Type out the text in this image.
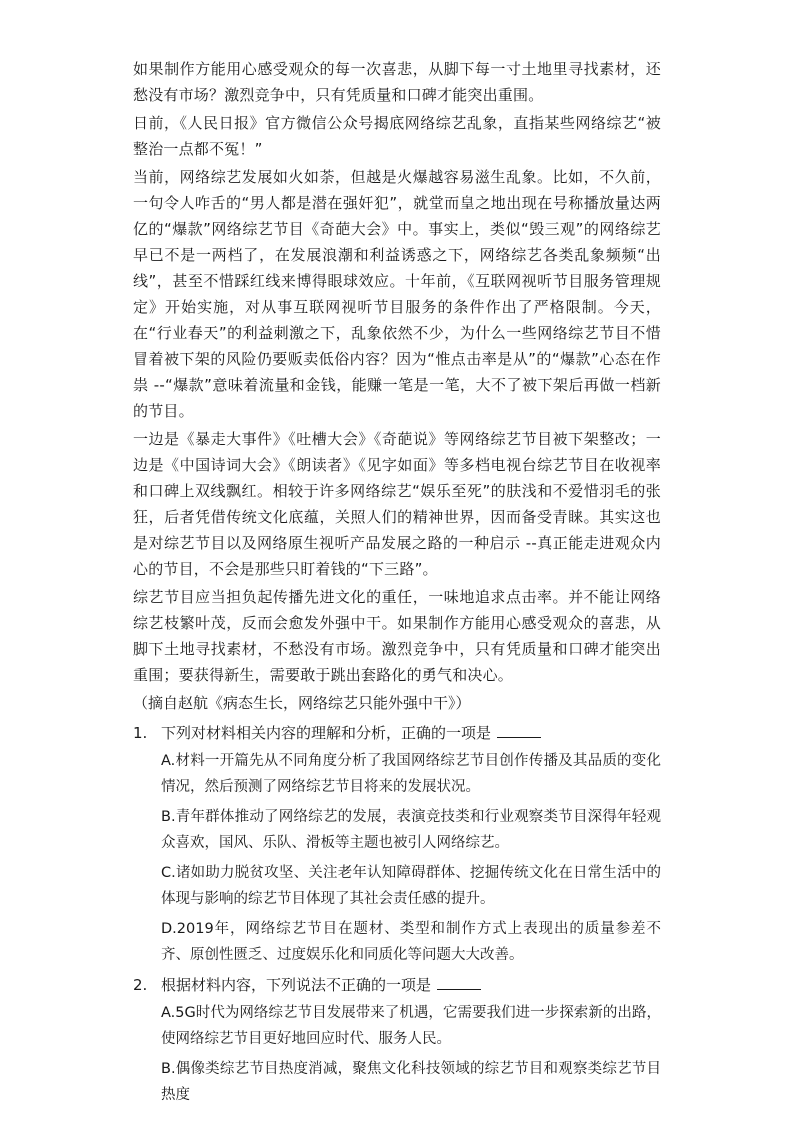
如果制作方能用心感受观众的每一次喜悲，从脚下每一寸土地里寻找素材，还愁没有市场？激烈竞争中，只有凭质量和口碑才能突出重围。

日前，《人民日报》官方微信公众号揭底网络综艺乱象，直指某些网络综艺“被整治一点都不冤！”

当前，网络综艺发展如火如荼，但越是火爆越容易滋生乱象。比如，不久前，一句令人咋舌的“男人都是潜在强奸犯”，就堂而皇之地出现在号称播放量达两亿的“爆款”网络综艺节目《奇葩大会》中。事实上，类似“毁三观”的网络综艺早已不是一两档了，在发展浪潮和利益诱惑之下，网络综艺各类乱象频频“出线”，甚至不惜踩红线来博得眼球效应。十年前，《互联网视听节目服务管理规定》开始实施，对从事互联网视听节目服务的条件作出了严格限制。今天，在“行业春天”的利益刺激之下，乱象依然不少，为什么一些网络综艺节目不惜冒着被下架的风险仍要贩卖低俗内容？因为“惟点击率是从”的“爆款”心态在作祟 --“爆款”意味着流量和金钱，能赚一笔是一笔，大不了被下架后再做一档新的节目。

一边是《暴走大事件》《吐槽大会》《奇葩说》等网络综艺节目被下架整改；一边是《中国诗词大会》《朗读者》《见字如面》等多档电视台综艺节目在收视率和口碑上双线飘红。相较于许多网络综艺“娱乐至死”的肤浅和不爱惜羽毛的张狂，后者凭借传统文化底蕴，关照人们的精神世界，因而备受青睐。其实这也是对综艺节目以及网络原生视听产品发展之路的一种启示 --真正能走进观众内心的节目，不会是那些只盯着钱的“下三路”。

综艺节目应当担负起传播先进文化的重任，一味地追求点击率。并不能让网络综艺枝繁叶茂，反而会愈发外强中干。如果制作方能用心感受观众的喜悲，从脚下土地寻找素材，不愁没有市场。激烈竞争中，只有凭质量和口碑才能突出重围；要获得新生，需要敢于跳出套路化的勇气和决心。

（摘自赵航《病态生长，网络综艺只能外强中干》）

1. 下列对材料相关内容的理解和分析，正确的一项是

A.材料一开篇先从不同角度分析了我国网络综艺节目创作传播及其品质的变化情况，然后预测了网络综艺节目将来的发展状况。

B.青年群体推动了网络综艺的发展，表演竞技类和行业观察类节目深得年轻观众喜欢，国风、乐队、滑板等主题也被引人网络综艺。

C.诸如助力脱贫攻坚、关注老年认知障碍群体、挖掘传统文化在日常生活中的体现与影响的综艺节目体现了其社会责任感的提升。

D.2019年，网络综艺节目在题材、类型和制作方式上表现出的质量参差不齐、原创性匮乏、过度娱乐化和同质化等问题大大改善。

2. 根据材料内容，下列说法不正确的一项是

A.5G时代为网络综艺节目发展带来了机遇，它需要我们进一步探索新的出路，使网络综艺节目更好地回应时代、服务人民。

B.偶像类综艺节目热度消减，聚焦文化科技领域的综艺节目和观察类综艺节目热度
